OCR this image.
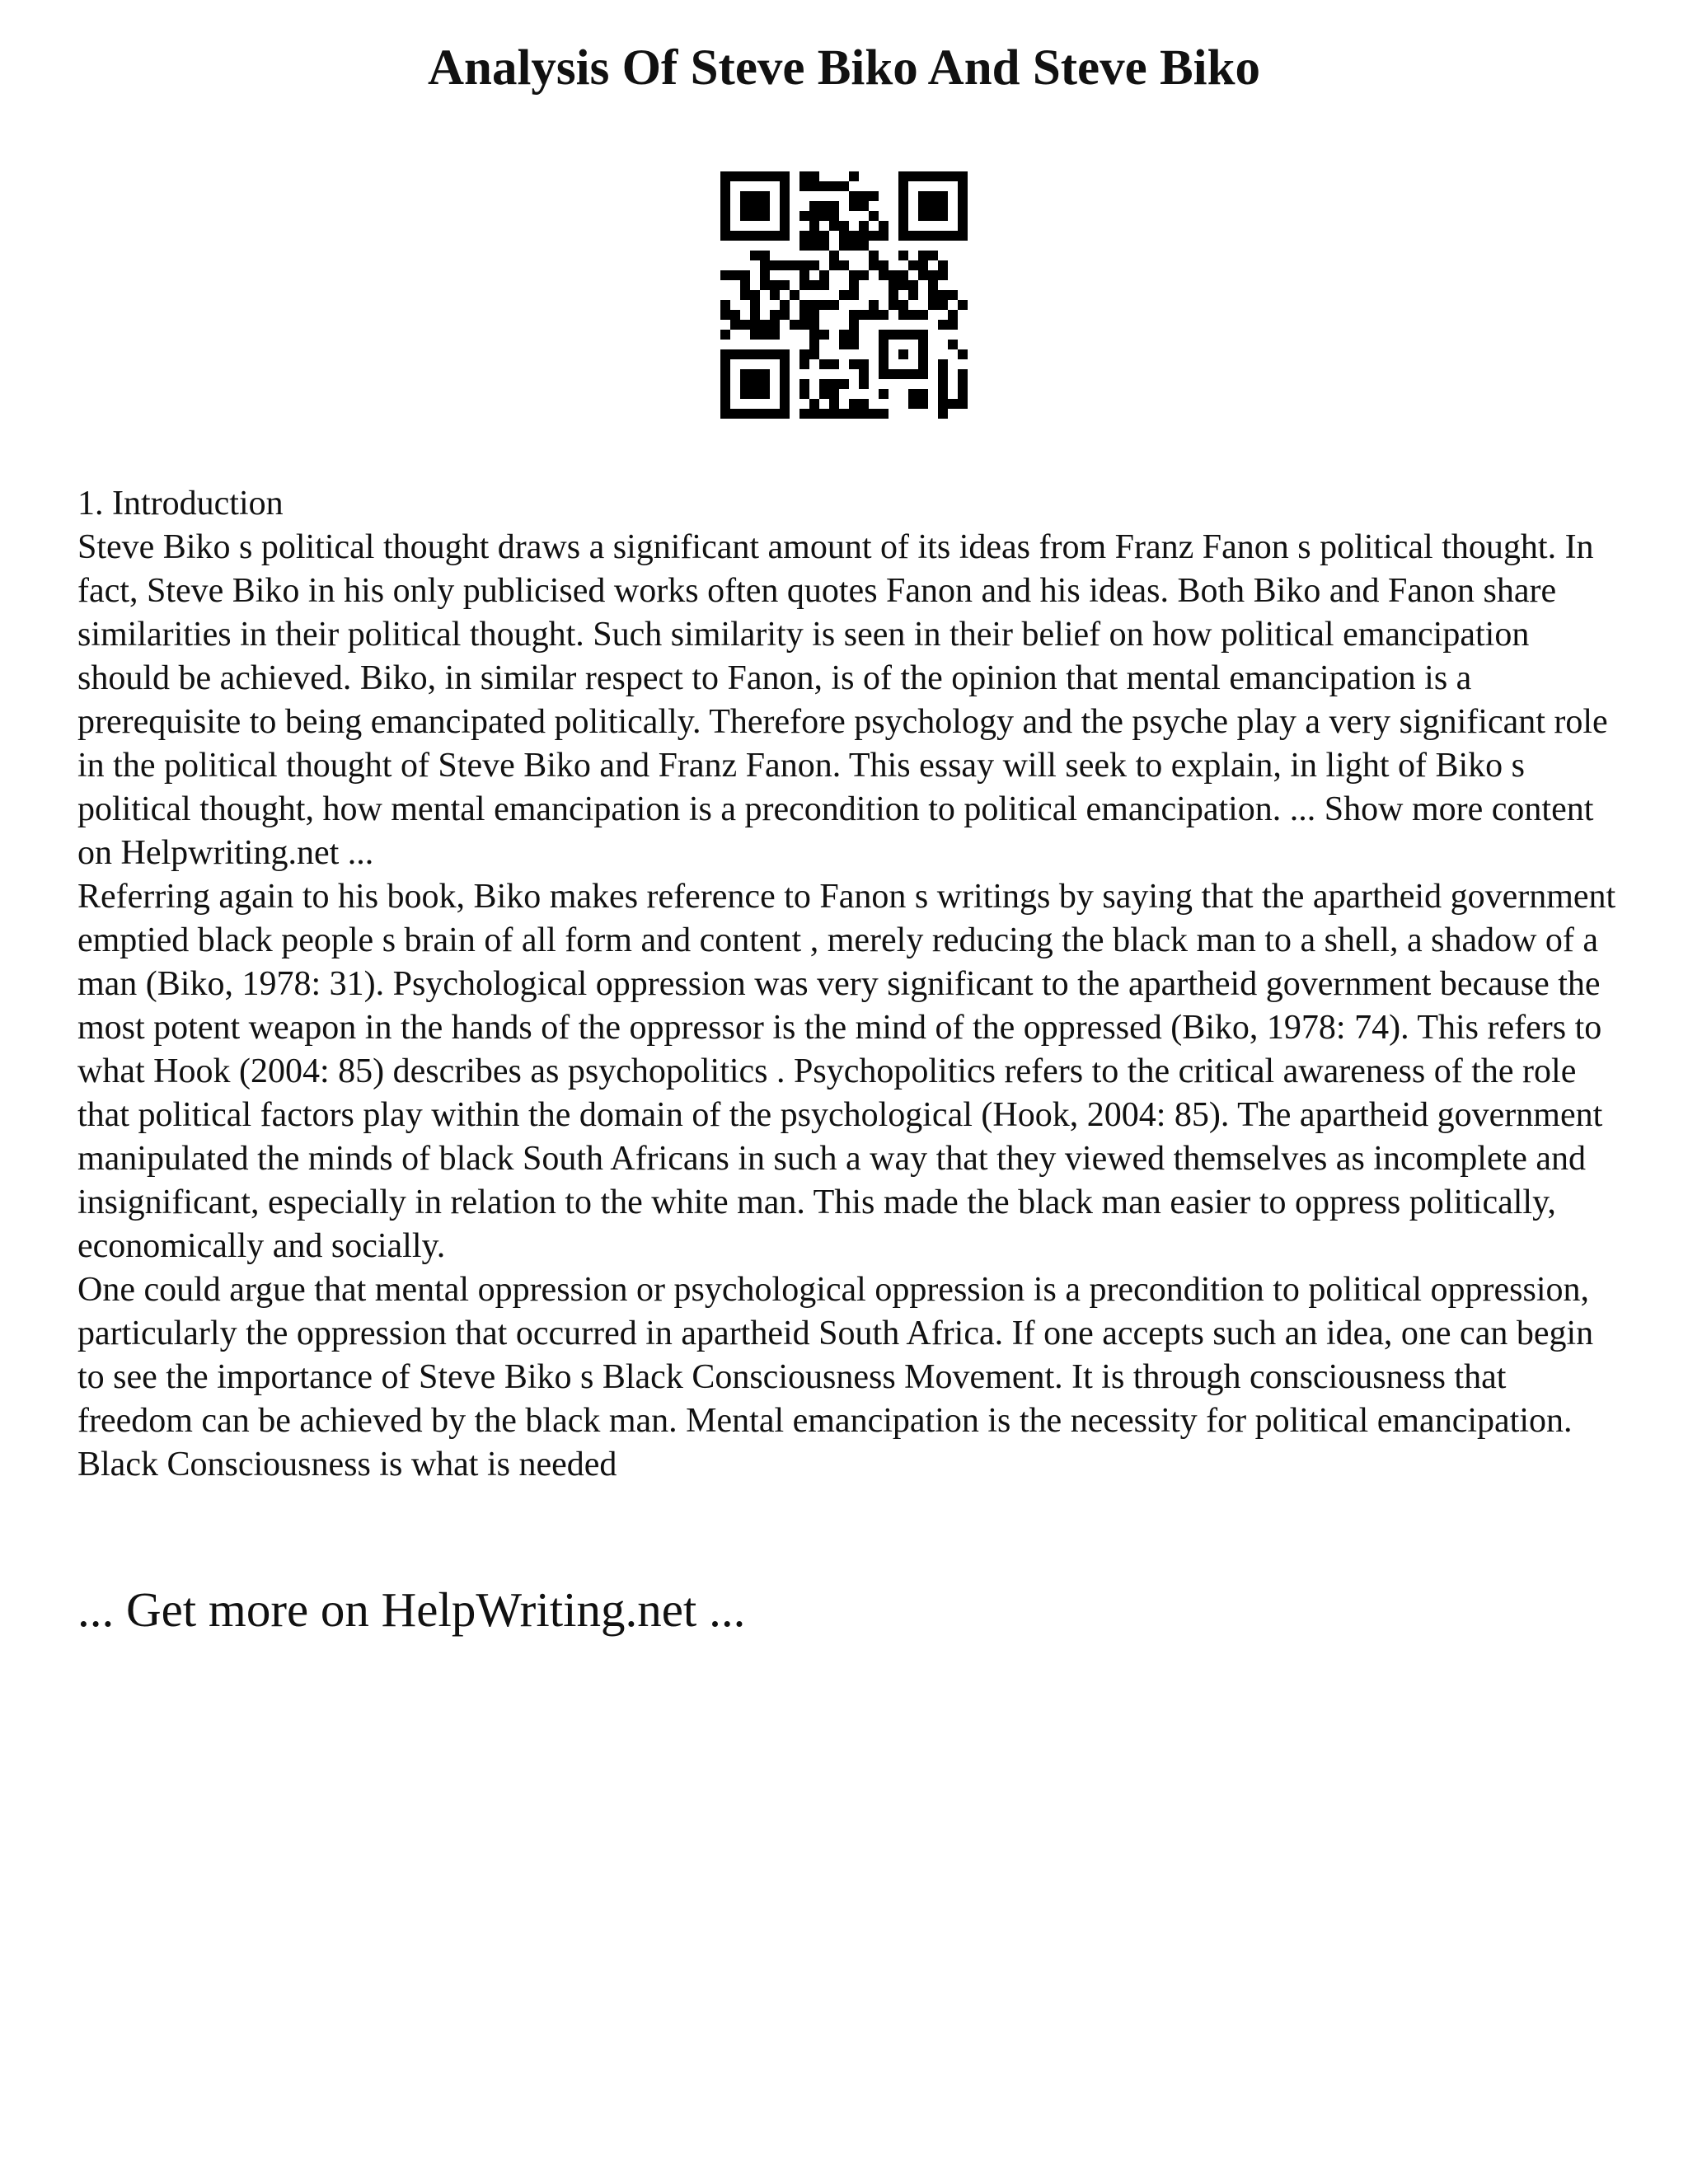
Analysis Of Steve Biko And Steve Biko

1. Introduction

Steve Biko s political thought draws a significant amount of its ideas from Franz Fanon s political thought. In fact, Steve Biko in his only publicised works often quotes Fanon and his ideas. Both Biko and Fanon share similarities in their political thought. Such similarity is seen in their belief on how political emancipation should be achieved. Biko, in similar respect to Fanon, is of the opinion that mental emancipation is a prerequisite to being emancipated politically. Therefore psychology and the psyche play a very significant role in the political thought of Steve Biko and Franz Fanon. This essay will seek to explain, in light of Biko s political thought, how mental emancipation is a precondition to political emancipation. ... Show more content on Helpwriting.net ...

Referring again to his book, Biko makes reference to Fanon s writings by saying that the apartheid government emptied black people s brain of all form and content , merely reducing the black man to a shell, a shadow of a man (Biko, 1978: 31). Psychological oppression was very significant to the apartheid government because the most potent weapon in the hands of the oppressor is the mind of the oppressed (Biko, 1978: 74). This refers to what Hook (2004: 85) describes as psychopolitics . Psychopolitics refers to the critical awareness of the role that political factors play within the domain of the psychological (Hook, 2004: 85). The apartheid government manipulated the minds of black South Africans in such a way that they viewed themselves as incomplete and insignificant, especially in relation to the white man. This made the black man easier to oppress politically, economically and socially.

One could argue that mental oppression or psychological oppression is a precondition to political oppression, particularly the oppression that occurred in apartheid South Africa. If one accepts such an idea, one can begin to see the importance of Steve Biko s Black Consciousness Movement. It is through consciousness that freedom can be achieved by the black man. Mental emancipation is the necessity for political emancipation. Black Consciousness is what is needed

... Get more on HelpWriting.net ...
